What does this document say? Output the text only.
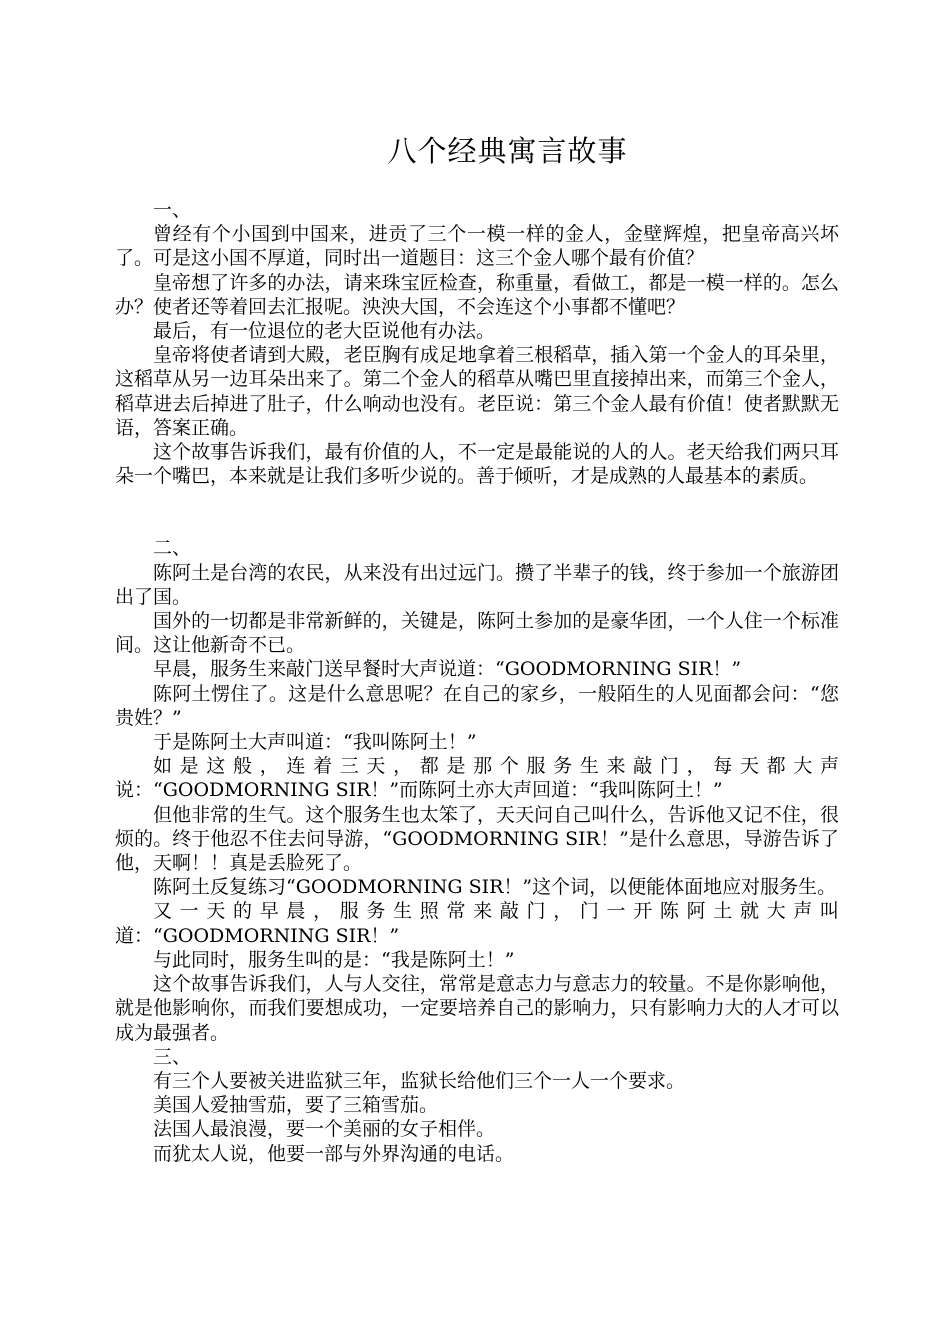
八个经典寓言故事

一、

曾经有个小国到中国来，进贡了三个一模一样的金人，金壁辉煌，把皇帝高兴坏了。可是这小国不厚道，同时出一道题目：这三个金人哪个最有价值？

皇帝想了许多的办法，请来珠宝匠检查，称重量，看做工，都是一模一样的。怎么办？使者还等着回去汇报呢。泱泱大国，不会连这个小事都不懂吧？

最后，有一位退位的老大臣说他有办法。

皇帝将使者请到大殿，老臣胸有成足地拿着三根稻草，插入第一个金人的耳朵里，这稻草从另一边耳朵出来了。第二个金人的稻草从嘴巴里直接掉出来，而第三个金人，稻草进去后掉进了肚子，什么响动也没有。老臣说：第三个金人最有价值！使者默默无语，答案正确。

这个故事告诉我们，最有价值的人，不一定是最能说的人的人。老天给我们两只耳朵一个嘴巴，本来就是让我们多听少说的。善于倾听，才是成熟的人最基本的素质。

二、

陈阿土是台湾的农民，从来没有出过远门。攒了半辈子的钱，终于参加一个旅游团出了国。

国外的一切都是非常新鲜的，关键是，陈阿土参加的是豪华团，一个人住一个标准间。这让他新奇不已。

早晨，服务生来敲门送早餐时大声说道：“GOODMORNING SIR！”

陈阿土愣住了。这是什么意思呢？在自己的家乡，一般陌生的人见面都会问：“您贵姓？”

于是陈阿土大声叫道：“我叫陈阿土！”

如是这般，连着三天，都是那个服务生来敲门，每天都大声说：“GOODMORNING SIR！”而陈阿土亦大声回道：“我叫陈阿土！”

但他非常的生气。这个服务生也太笨了，天天问自己叫什么，告诉他又记不住，很烦的。终于他忍不住去问导游，“GOODMORNING SIR！”是什么意思，导游告诉了他，天啊！！真是丢脸死了。

陈阿土反复练习“GOODMORNING SIR！”这个词，以便能体面地应对服务生。

又一天的早晨，服务生照常来敲门，门一开陈阿土就大声叫道：“GOODMORNING SIR！”

与此同时，服务生叫的是：“我是陈阿土！”

这个故事告诉我们，人与人交往，常常是意志力与意志力的较量。不是你影响他，就是他影响你，而我们要想成功，一定要培养自己的影响力，只有影响力大的人才可以成为最强者。

三、

有三个人要被关进监狱三年，监狱长给他们三个一人一个要求。

美国人爱抽雪茄，要了三箱雪茄。

法国人最浪漫，要一个美丽的女子相伴。

而犹太人说，他要一部与外界沟通的电话。
